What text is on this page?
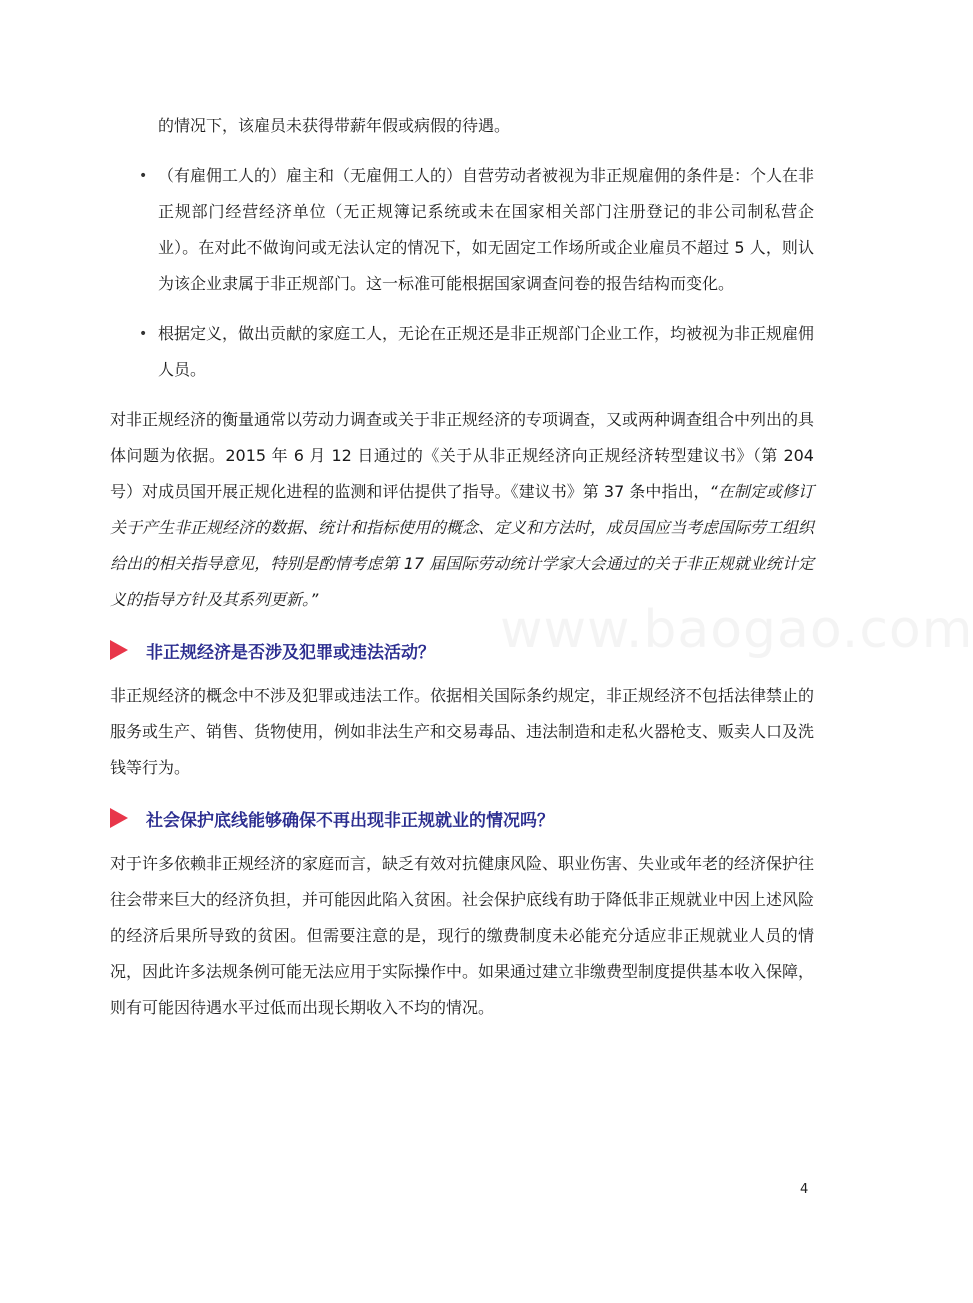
的情况下，该雇员未获得带薪年假或病假的待遇。

• （有雇佣工人的）雇主和（无雇佣工人的）自营劳动者被视为非正规雇佣的条件是：个人在非正规部门经营经济单位（无正规簿记系统或未在国家相关部门注册登记的非公司制私营企业）。在对此不做询问或无法认定的情况下，如无固定工作场所或企业雇员不超过 5 人，则认为该企业隶属于非正规部门。这一标准可能根据国家调查问卷的报告结构而变化。
• 根据定义，做出贡献的家庭工人，无论在正规还是非正规部门企业工作，均被视为非正规雇佣人员。

对非正规经济的衡量通常以劳动力调查或关于非正规经济的专项调查，又或两种调查组合中列出的具体问题为依据。2015 年 6 月 12 日通过的《关于从非正规经济向正规经济转型建议书》（第 204 号）对成员国开展正规化进程的监测和评估提供了指导。《建议书》第 37 条中指出，“在制定或修订关于产生非正规经济的数据、统计和指标使用的概念、定义和方法时，成员国应当考虑国际劳工组织给出的相关指导意见，特别是酌情考虑第 17 届国际劳动统计学家大会通过的关于非正规就业统计定义的指导方针及其系列更新。”

非正规经济是否涉及犯罪或违法活动？

非正规经济的概念中不涉及犯罪或违法工作。依据相关国际条约规定，非正规经济不包括法律禁止的服务或生产、销售、货物使用，例如非法生产和交易毒品、违法制造和走私火器枪支、贩卖人口及洗钱等行为。

社会保护底线能够确保不再出现非正规就业的情况吗？

对于许多依赖非正规经济的家庭而言，缺乏有效对抗健康风险、职业伤害、失业或年老的经济保护往往会带来巨大的经济负担，并可能因此陷入贫困。社会保护底线有助于降低非正规就业中因上述风险的经济后果所导致的贫困。但需要注意的是，现行的缴费制度未必能充分适应非正规就业人员的情况，因此许多法规条例可能无法应用于实际操作中。如果通过建立非缴费型制度提供基本收入保障，则有可能因待遇水平过低而出现长期收入不均的情况。

www.baogao.com
4
